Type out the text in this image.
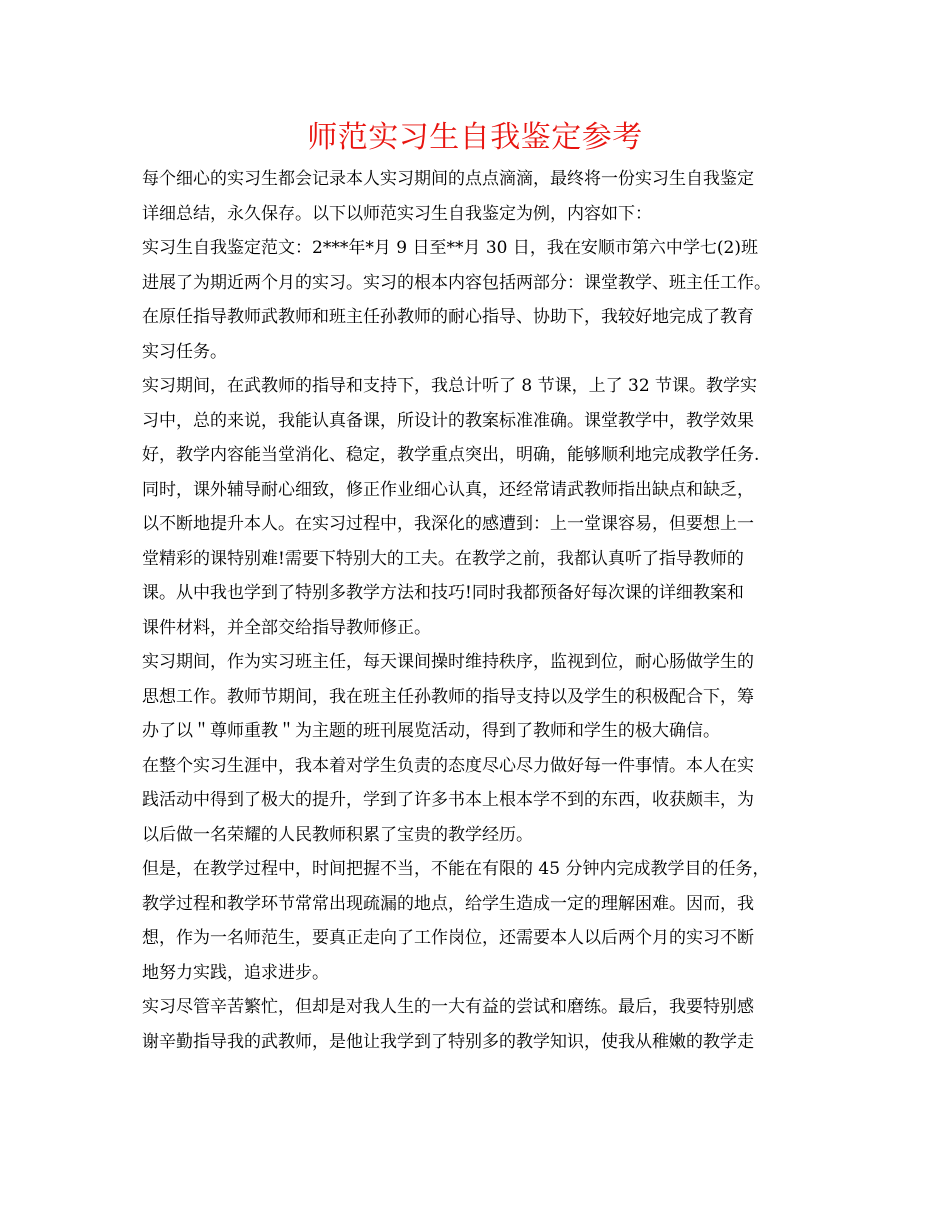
师范实习生自我鉴定参考
每个细心的实习生都会记录本人实习期间的点点滴滴，最终将一份实习生自我鉴定
详细总结，永久保存。以下以师范实习生自我鉴定为例，内容如下：
实习生自我鉴定范文：2***年*月 9 日至**月 30 日，我在安顺市第六中学七(2)班
进展了为期近两个月的实习。实习的根本内容包括两部分：课堂教学、班主任工作。
在原任指导教师武教师和班主任孙教师的耐心指导、协助下，我较好地完成了教育
实习任务。
实习期间，在武教师的指导和支持下，我总计听了 8 节课，上了 32 节课。教学实
习中，总的来说，我能认真备课，所设计的教案标准准确。课堂教学中，教学效果
好，教学内容能当堂消化、稳定，教学重点突出，明确，能够顺利地完成教学任务.
同时，课外辅导耐心细致，修正作业细心认真，还经常请武教师指出缺点和缺乏，
以不断地提升本人。在实习过程中，我深化的感遭到：上一堂课容易，但要想上一
堂精彩的课特别难!需要下特别大的工夫。在教学之前，我都认真听了指导教师的
课。从中我也学到了特别多教学方法和技巧!同时我都预备好每次课的详细教案和
课件材料，并全部交给指导教师修正。
实习期间，作为实习班主任，每天课间操时维持秩序，监视到位，耐心肠做学生的
思想工作。教师节期间，我在班主任孙教师的指导支持以及学生的积极配合下，筹
办了以＂尊师重教＂为主题的班刊展览活动，得到了教师和学生的极大确信。
在整个实习生涯中，我本着对学生负责的态度尽心尽力做好每一件事情。本人在实
践活动中得到了极大的提升，学到了许多书本上根本学不到的东西，收获颇丰，为
以后做一名荣耀的人民教师积累了宝贵的教学经历。
但是，在教学过程中，时间把握不当，不能在有限的 45 分钟内完成教学目的任务，
教学过程和教学环节常常出现疏漏的地点，给学生造成一定的理解困难。因而，我
想，作为一名师范生，要真正走向了工作岗位，还需要本人以后两个月的实习不断
地努力实践，追求进步。
实习尽管辛苦繁忙，但却是对我人生的一大有益的尝试和磨练。最后，我要特别感
谢辛勤指导我的武教师，是他让我学到了特别多的教学知识，使我从稚嫩的教学走
